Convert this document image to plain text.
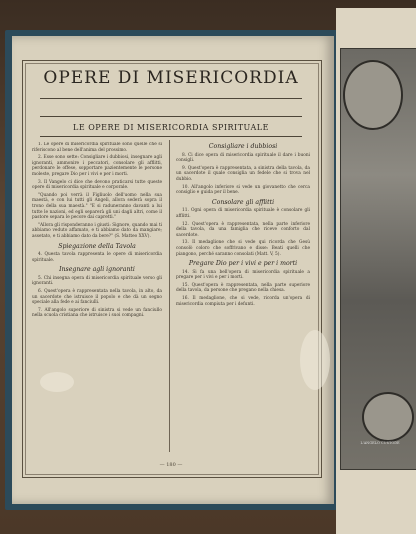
OPERE DI MISERICORDIA
LE OPERE DI MISERICORDIA SPIRITUALE

1. Le opere di misericordia spirituale sono quelle che si riferiscono al bene dell'anima del prossimo.

2. Esse sono sette: Consigliare i dubbiosi, insegnare agli ignoranti, ammonire i peccatori, consolare gli afflitti, perdonare le offese, sopportare pazientemente le persone moleste, pregare Dio per i vivi e per i morti.

3. Il Vangelo ci dice che devono praticarsi tutte queste opere di misericordia spirituale e corporale.

"Quando poi verrà il Figliuolo dell'uomo nella sua maestà, e con lui tutti gli Angeli, allora sederà sopra il trono della sua maestà." "E si raduneranno davanti a lui tutte le nazioni, ed egli separerà gli uni dagli altri, come il pastore separa le pecore dai capretti."

"Allora gli risponderanno i giusti: Signore, quando mai ti abbiamo veduto affamato, e ti abbiamo dato da mangiare; assetato, e ti abbiamo dato da bere?" (S. Matteo XXV).

Spiegazione della Tavola

4. Questa tavola rappresenta le opere di misericordia spirituale.

Insegnare agli ignoranti

5. Chi insegna opera di misericordia spirituale verso gli ignoranti.

6. Quest'opera è rappresentata nella tavola, in alto, da un sacerdote che istruisce il popolo e che dà un segno speciale alla fede e ai fanciulli.

7. All'angolo superiore di sinistra si vede un fanciullo nella scuola cristiana che istruisce i suoi compagni.

Consigliare i dubbiosi

8. Ci dice opera di misericordia spirituale il dare i buoni consigli.

9. Quest'opera è rappresentata, a sinistra della tavola, da un sacerdote il quale consiglia un fedele che si trova nel dubbio.

10. All'angolo inferiore si vede un giovanetto che cerca consiglio e guida per il bene.

Consolare gli afflitti

11. Ogni opera di misericordia spirituale è consolare gli afflitti.

12. Quest'opera è rappresentata, nella parte inferiore della tavola, da una famiglia che riceve conforto dal sacerdote.

13. Il medaglione che si vede qui ricorda che Gesù consolò coloro che soffrivano e disse: Beati quelli che piangono, perché saranno consolati (Matt. V, 5).

Pregare Dio per i vivi e per i morti

14. Si fa una bell'opera di misericordia spirituale a pregare per i vivi e per i morti.

15. Quest'opera è rappresentata, nella parte superiore della tavola, da persone che pregano nella chiesa.

16. Il medaglione, che si vede, ricorda un'opera di misericordia compiuta per i defunti.

— 180 —
L'ANGELO CUSTODE
